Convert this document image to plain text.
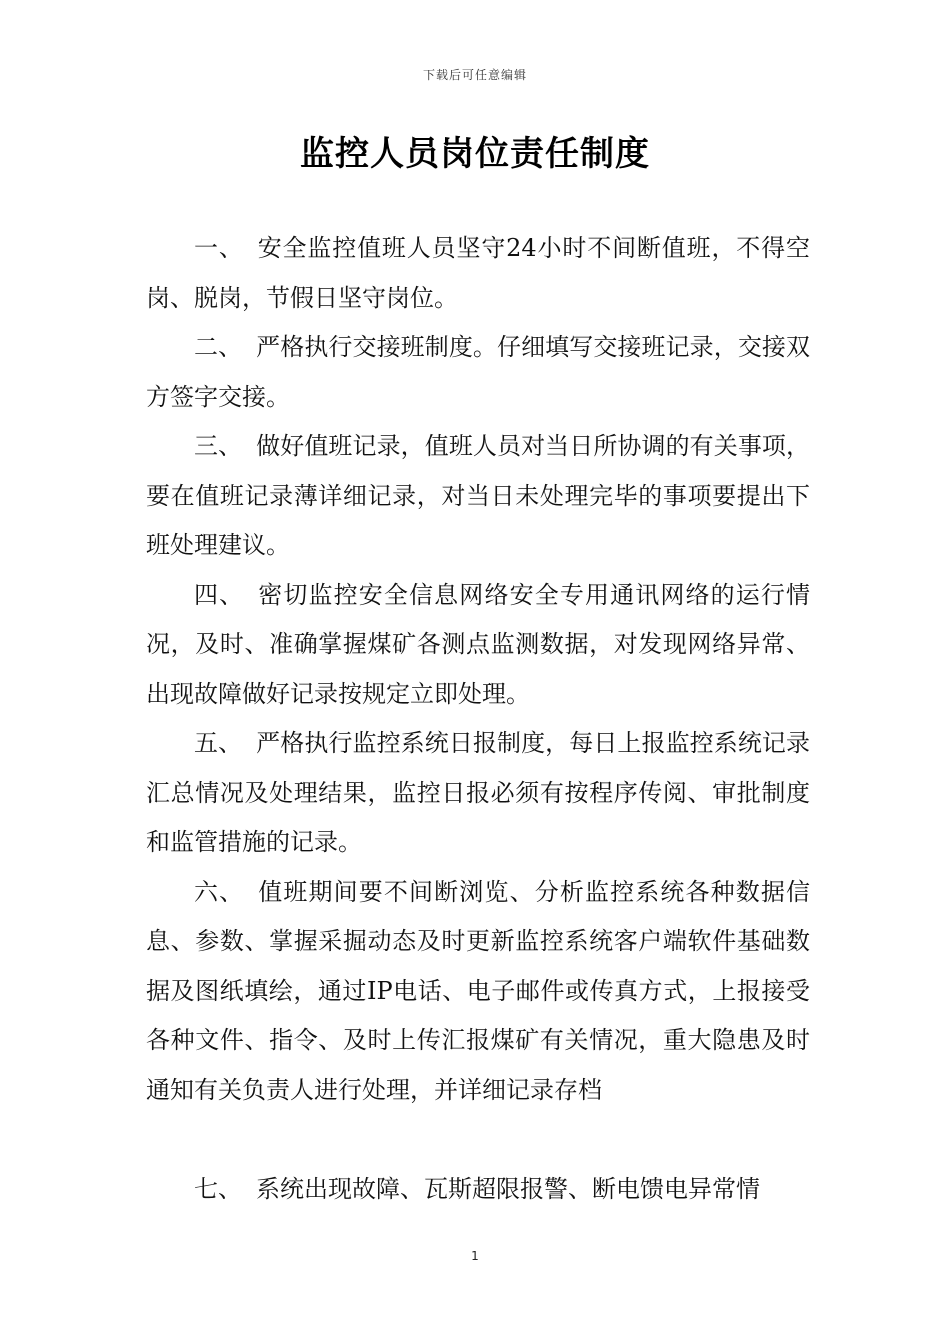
下载后可任意编辑
监控人员岗位责任制度

一、 安全监控值班人员坚守24小时不间断值班，不得空岗、脱岗，节假日坚守岗位。

二、 严格执行交接班制度。仔细填写交接班记录，交接双方签字交接。

三、 做好值班记录，值班人员对当日所协调的有关事项，要在值班记录薄详细记录，对当日未处理完毕的事项要提出下班处理建议。

四、 密切监控安全信息网络安全专用通讯网络的运行情况，及时、准确掌握煤矿各测点监测数据，对发现网络异常、出现故障做好记录按规定立即处理。

五、 严格执行监控系统日报制度，每日上报监控系统记录汇总情况及处理结果，监控日报必须有按程序传阅、审批制度和监管措施的记录。

六、 值班期间要不间断浏览、分析监控系统各种数据信息、参数、掌握采掘动态及时更新监控系统客户端软件基础数据及图纸填绘，通过IP电话、电子邮件或传真方式，上报接受各种文件、指令、及时上传汇报煤矿有关情况，重大隐患及时通知有关负责人进行处理，并详细记录存档

七、 系统出现故障、瓦斯超限报警、断电馈电异常情

1
